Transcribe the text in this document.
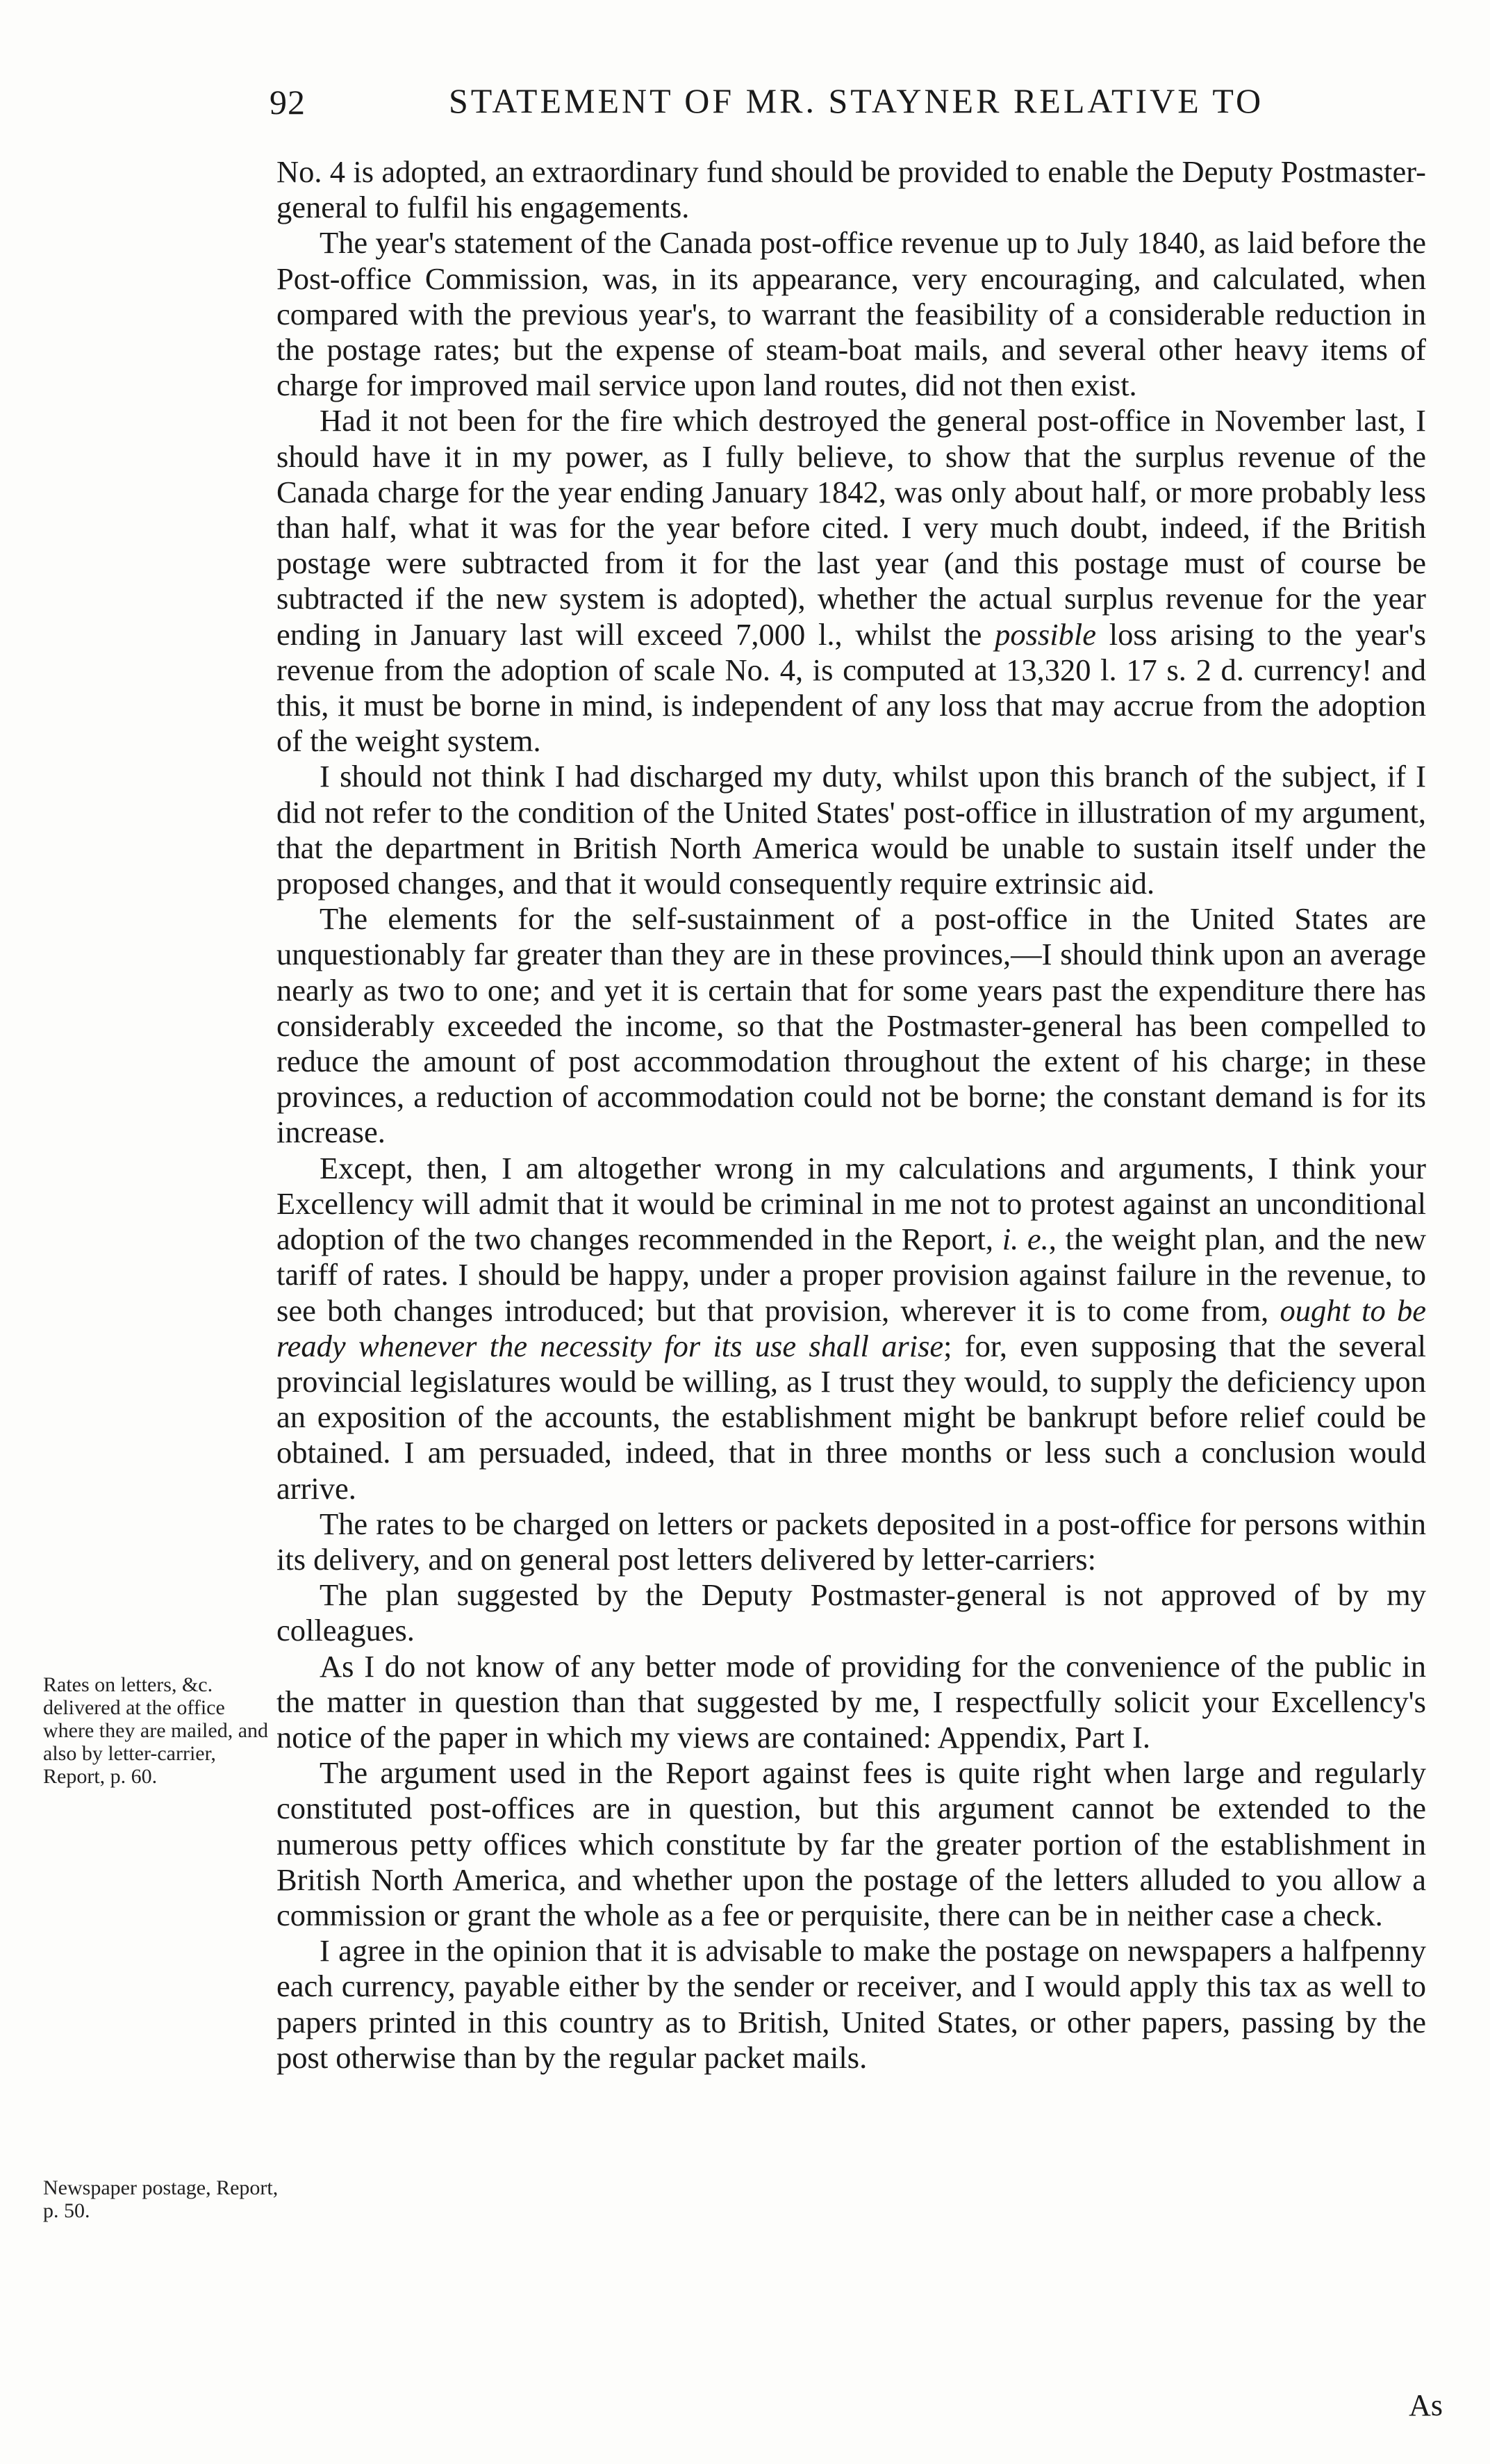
92	STATEMENT OF MR. STAYNER RELATIVE TO

No. 4 is adopted, an extraordinary fund should be provided to enable the Deputy Postmaster-general to fulfil his engagements.

The year's statement of the Canada post-office revenue up to July 1840, as laid before the Post-office Commission, was, in its appearance, very encouraging, and calculated, when compared with the previous year's, to warrant the feasibility of a considerable reduction in the postage rates; but the expense of steam-boat mails, and several other heavy items of charge for improved mail service upon land routes, did not then exist.

Had it not been for the fire which destroyed the general post-office in November last, I should have it in my power, as I fully believe, to show that the surplus revenue of the Canada charge for the year ending January 1842, was only about half, or more probably less than half, what it was for the year before cited. I very much doubt, indeed, if the British postage were subtracted from it for the last year (and this postage must of course be subtracted if the new system is adopted), whether the actual surplus revenue for the year ending in January last will exceed 7,000 l., whilst the possible loss arising to the year's revenue from the adoption of scale No. 4, is computed at 13,320 l. 17 s. 2 d. currency! and this, it must be borne in mind, is independent of any loss that may accrue from the adoption of the weight system.

I should not think I had discharged my duty, whilst upon this branch of the subject, if I did not refer to the condition of the United States' post-office in illustration of my argument, that the department in British North America would be unable to sustain itself under the proposed changes, and that it would consequently require extrinsic aid.

The elements for the self-sustainment of a post-office in the United States are unquestionably far greater than they are in these provinces,—I should think upon an average nearly as two to one; and yet it is certain that for some years past the expenditure there has considerably exceeded the income, so that the Postmaster-general has been compelled to reduce the amount of post accommodation throughout the extent of his charge; in these provinces, a reduction of accommodation could not be borne; the constant demand is for its increase.

Except, then, I am altogether wrong in my calculations and arguments, I think your Excellency will admit that it would be criminal in me not to protest against an unconditional adoption of the two changes recommended in the Report, i. e., the weight plan, and the new tariff of rates. I should be happy, under a proper provision against failure in the revenue, to see both changes introduced; but that provision, wherever it is to come from, ought to be ready whenever the necessity for its use shall arise; for, even supposing that the several provincial legislatures would be willing, as I trust they would, to supply the deficiency upon an exposition of the accounts, the establishment might be bankrupt before relief could be obtained. I am persuaded, indeed, that in three months or less such a conclusion would arrive.

The rates to be charged on letters or packets deposited in a post-office for persons within its delivery, and on general post letters delivered by letter-carriers:

The plan suggested by the Deputy Postmaster-general is not approved of by my colleagues.

As I do not know of any better mode of providing for the convenience of the public in the matter in question than that suggested by me, I respectfully solicit your Excellency's notice of the paper in which my views are contained: Appendix, Part I.

The argument used in the Report against fees is quite right when large and regularly constituted post-offices are in question, but this argument cannot be extended to the numerous petty offices which constitute by far the greater portion of the establishment in British North America, and whether upon the postage of the letters alluded to you allow a commission or grant the whole as a fee or perquisite, there can be in neither case a check.

I agree in the opinion that it is advisable to make the postage on newspapers a halfpenny each currency, payable either by the sender or receiver, and I would apply this tax as well to papers printed in this country as to British, United States, or other papers, passing by the post otherwise than by the regular packet mails.

Rates on letters, &c. delivered at the office where they are mailed, and also by letter-carrier, Report, p. 60.
Newspaper postage, Report, p. 50.
As
